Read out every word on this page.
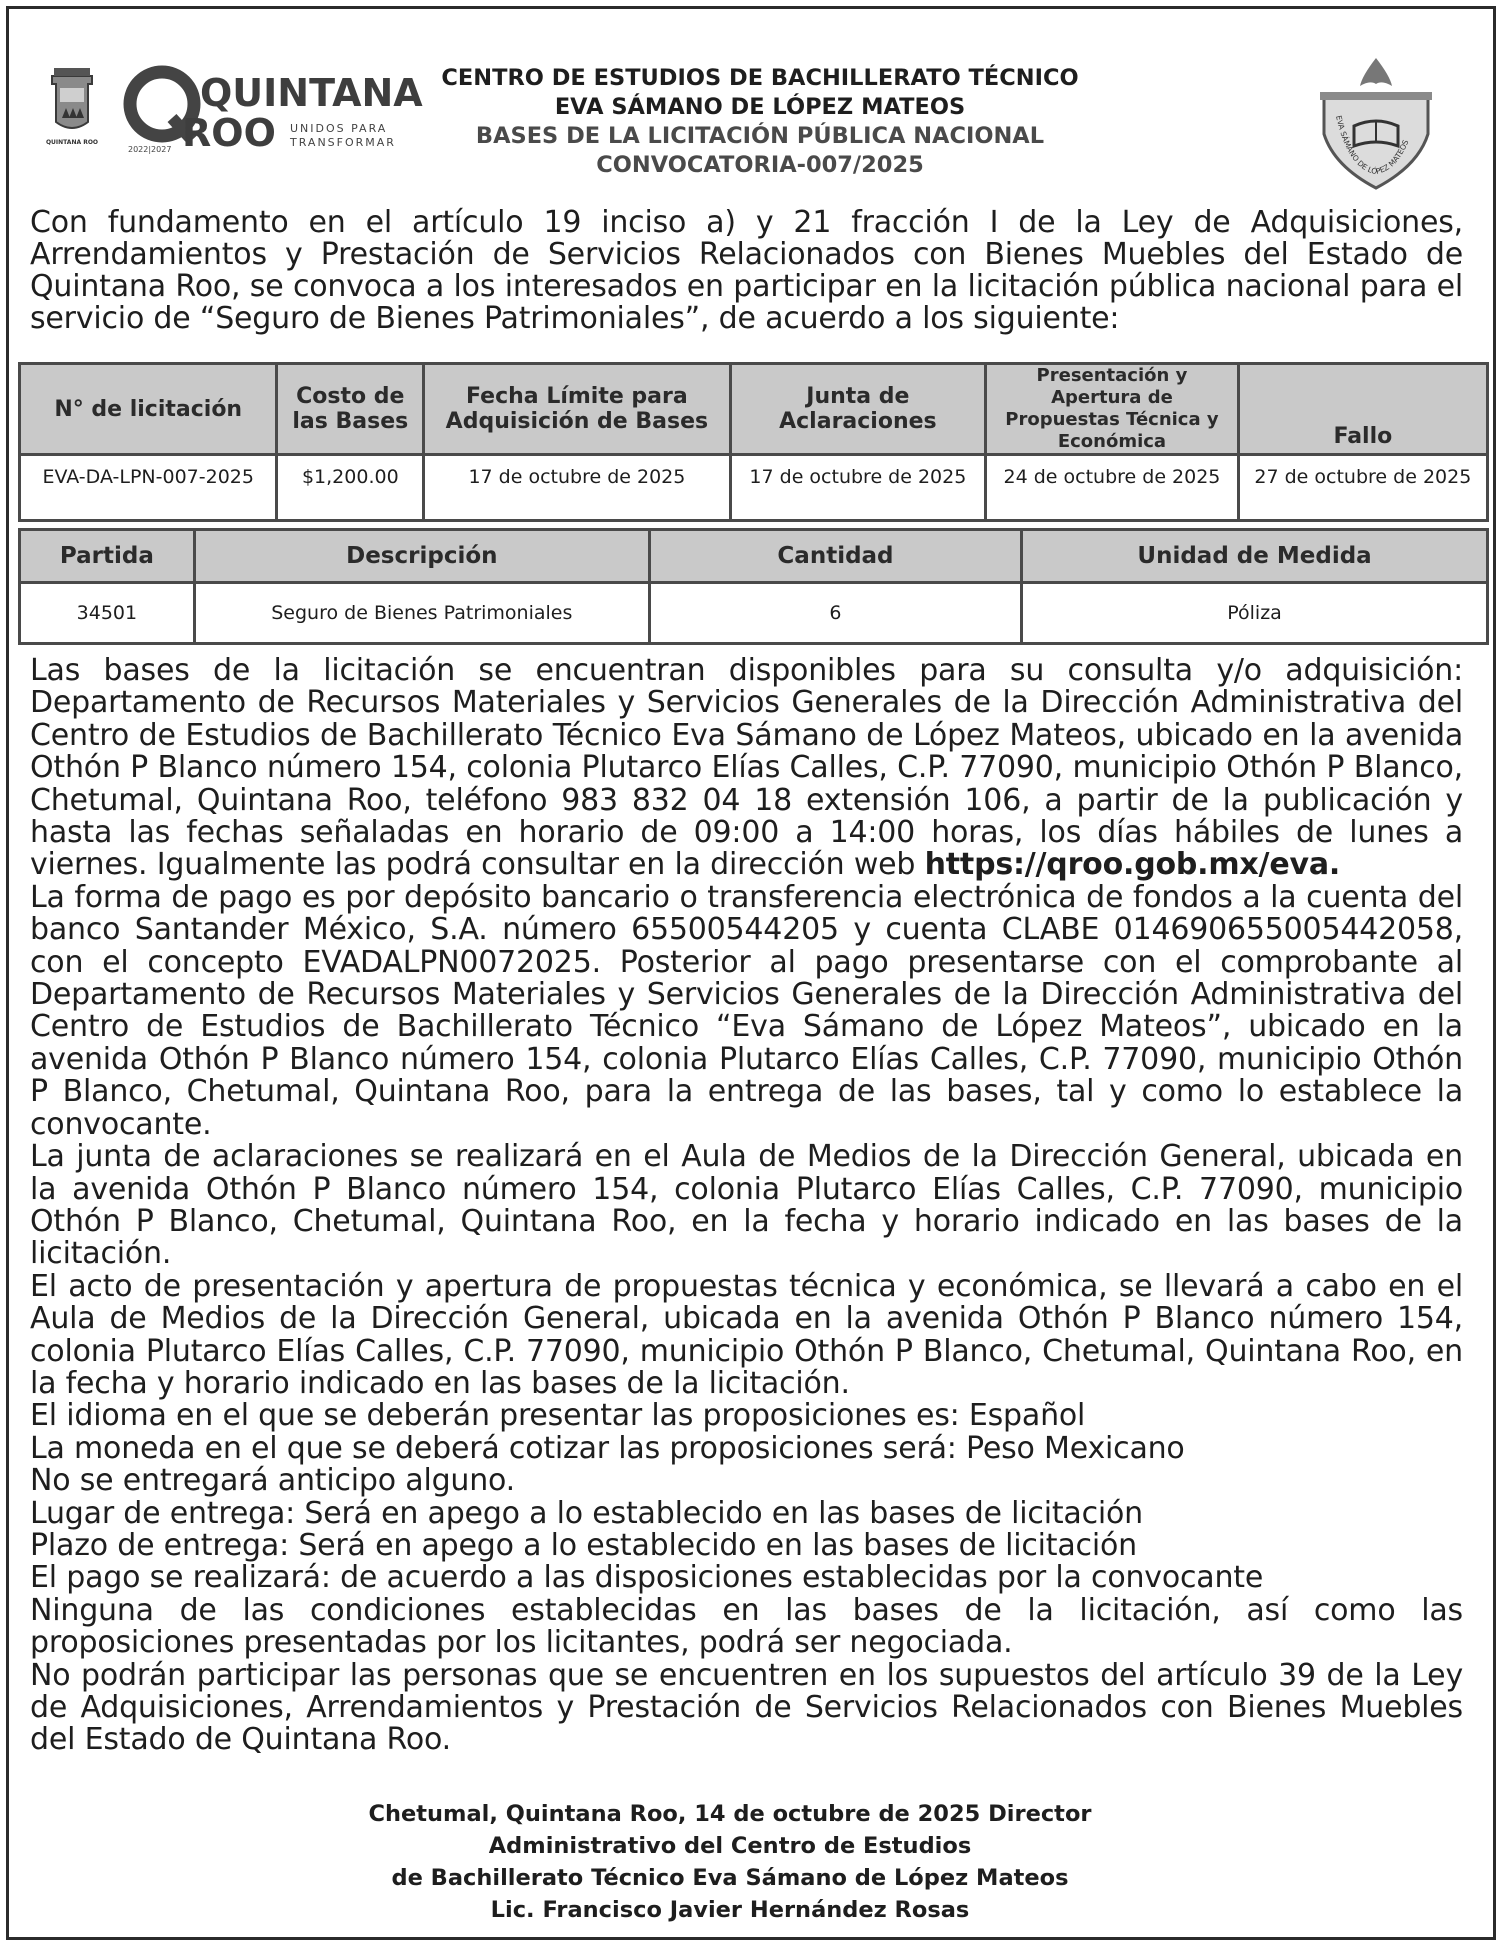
QUINTANA ROO
QUINTANA
ROO UNIDOS PARA
TRANSFORMAR
2022|2027
EVA SÁMANO DE LÓPEZ MATEOS
CENTRO DE ESTUDIOS DE BACHILLERATO TÉCNICO
EVA SÁMANO DE LÓPEZ MATEOS
BASES DE LA LICITACIÓN PÚBLICA NACIONAL
CONVOCATORIA-007/2025
Con fundamento en el artículo 19 inciso a) y 21 fracción I de la Ley de Adquisiciones, Arrendamientos y Prestación de Servicios Relacionados con Bienes Muebles del Estado de Quintana Roo, se convoca a los interesados en participar en la licitación pública nacional para el servicio de “Seguro de Bienes Patrimoniales”, de acuerdo a los siguiente:
N° de licitación	Costo de las Bases	Fecha Límite para Adquisición de Bases	Junta de Aclaraciones	Presentación y Apertura de Propuestas Técnica y Económica	Fallo
EVA-DA-LPN-007-2025	$1,200.00	17 de octubre de 2025	17 de octubre de 2025	24 de octubre de 2025	27 de octubre de 2025
Partida	Descripción	Cantidad	Unidad de Medida
34501	Seguro de Bienes Patrimoniales	6	Póliza

Las bases de la licitación se encuentran disponibles para su consulta y/o adquisición: Departamento de Recursos Materiales y Servicios Generales de la Dirección Administrativa del Centro de Estudios de Bachillerato Técnico Eva Sámano de López Mateos, ubicado en la avenida Othón P Blanco número 154, colonia Plutarco Elías Calles, C.P. 77090, municipio Othón P Blanco, Chetumal, Quintana Roo, teléfono 983 832 04 18 extensión 106, a partir de la publicación y hasta las fechas señaladas en horario de 09:00 a 14:00 horas, los días hábiles de lunes a viernes. Igualmente las podrá consultar en la dirección web https://qroo.gob.mx/eva.

La forma de pago es por depósito bancario o transferencia electrónica de fondos a la cuenta del banco Santander México, S.A. número 65500544205 y cuenta CLABE 014690655005442058, con el concepto EVADALPN0072025. Posterior al pago presentarse con el comprobante al Departamento de Recursos Materiales y Servicios Generales de la Dirección Administrativa del Centro de Estudios de Bachillerato Técnico “Eva Sámano de López Mateos”, ubicado en la avenida Othón P Blanco número 154, colonia Plutarco Elías Calles, C.P. 77090, municipio Othón P Blanco, Chetumal, Quintana Roo, para la entrega de las bases, tal y como lo establece la convocante.

La junta de aclaraciones se realizará en el Aula de Medios de la Dirección General, ubicada en la avenida Othón P Blanco número 154, colonia Plutarco Elías Calles, C.P. 77090, municipio Othón P Blanco, Chetumal, Quintana Roo, en la fecha y horario indicado en las bases de la licitación.

El acto de presentación y apertura de propuestas técnica y económica, se llevará a cabo en el Aula de Medios de la Dirección General, ubicada en la avenida Othón P Blanco número 154, colonia Plutarco Elías Calles, C.P. 77090, municipio Othón P Blanco, Chetumal, Quintana Roo, en la fecha y horario indicado en las bases de la licitación.

El idioma en el que se deberán presentar las proposiciones es: Español

La moneda en el que se deberá cotizar las proposiciones será: Peso Mexicano

No se entregará anticipo alguno.

Lugar de entrega: Será en apego a lo establecido en las bases de licitación

Plazo de entrega: Será en apego a lo establecido en las bases de licitación

El pago se realizará: de acuerdo a las disposiciones establecidas por la convocante

Ninguna de las condiciones establecidas en las bases de la licitación, así como las proposiciones presentadas por los licitantes, podrá ser negociada.

No podrán participar las personas que se encuentren en los supuestos del artículo 39 de la Ley de Adquisiciones, Arrendamientos y Prestación de Servicios Relacionados con Bienes Muebles del Estado de Quintana Roo.

Chetumal, Quintana Roo, 14 de octubre de 2025 Director
Administrativo del Centro de Estudios
de Bachillerato Técnico Eva Sámano de López Mateos
Lic. Francisco Javier Hernández Rosas
